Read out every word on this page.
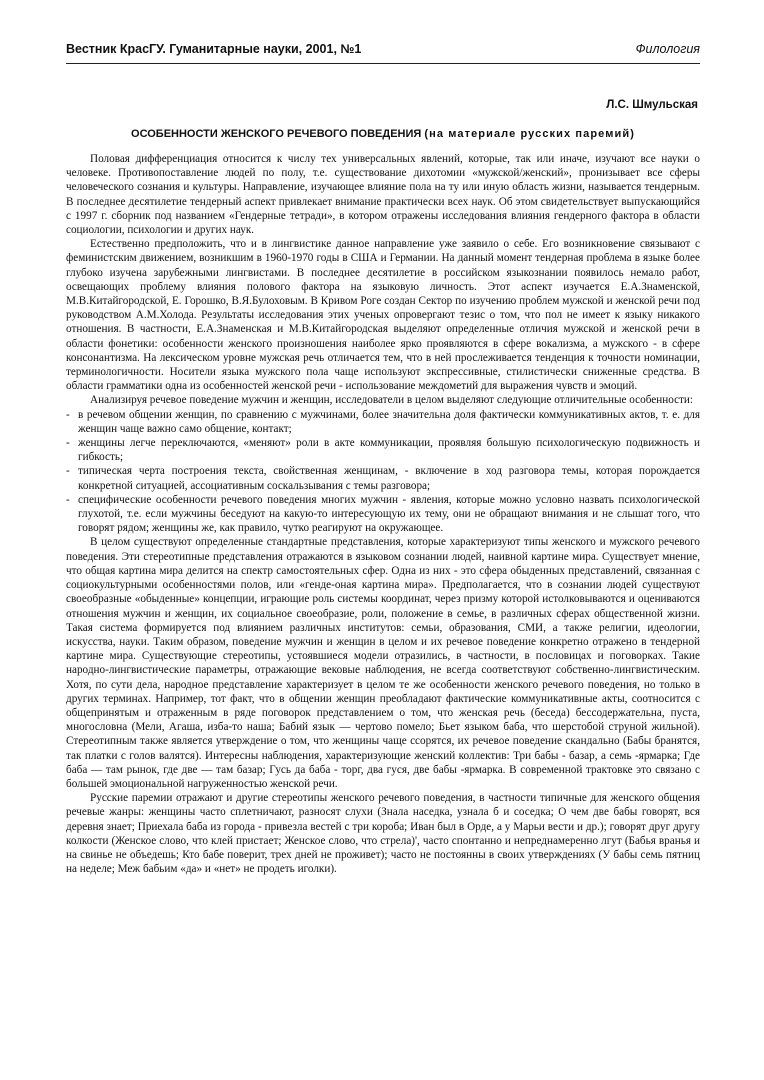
Вестник КрасГУ. Гуманитарные науки, 2001, №1	Филология
Л.С. Шмульская
ОСОБЕННОСТИ ЖЕНСКОГО РЕЧЕВОГО ПОВЕДЕНИЯ (на материале русских паремий)

Половая дифференциация относится к числу тех универсальных явлений, которые, так или иначе, изучают все науки о человеке. Противопоставление людей по полу, т.е. существование дихотомии «мужской/женский», пронизывает все сферы человеческого сознания и культуры. Направление, изучающее влияние пола на ту или иную область жизни, называется тендерным. В последнее десятилетие тендерный аспект привлекает внимание практически всех наук. Об этом свидетельствует выпускающийся с 1997 г. сборник под названием «Гендерные тетради», в котором отражены исследования влияния гендерного фактора в области социологии, психологии и других наук.

Естественно предположить, что и в лингвистике данное направление уже заявило о себе. Его возникновение связывают с феминистским движением, возникшим в 1960-1970 годы в США и Германии. На данный момент тендерная проблема в языке более глубоко изучена зарубежными лингвистами. В последнее десятилетие в российском языкознании появилось немало работ, освещающих проблему влияния полового фактора на языковую личность. Этот аспект изучается Е.А.Знаменской, М.В.Китайгородской, Е. Горошко, В.Я.Булоховым. В Кривом Роге создан Сектор по изучению проблем мужской и женской речи под руководством А.М.Холода. Результаты исследования этих ученых опровергают тезис о том, что пол не имеет к языку никакого отношения. В частности, Е.А.Знаменская и М.В.Китайгородская выделяют определенные отличия мужской и женской речи в области фонетики: особенности женского произношения наиболее ярко проявляются в сфере вокализма, а мужского - в сфере консонантизма. На лексическом уровне мужская речь отличается тем, что в ней прослеживается тенденция к точности номинации, терминологичности. Носители языка мужского пола чаще используют экспрессивные, стилистически сниженные средства. В области грамматики одна из особенностей женской речи - использование междометий для выражения чувств и эмоций.

Анализируя речевое поведение мужчин и женщин, исследователи в целом выделяют следующие отличительные особенности:

- в речевом общении женщин, по сравнению с мужчинами, более значительна доля фактически коммуникативных актов, т. е. для женщин чаще важно само общение, контакт;

- женщины легче переключаются, «меняют» роли в акте коммуникации, проявляя большую психологическую подвижность и гибкость;

- типическая черта построения текста, свойственная женщинам, - включение в ход разговора темы, которая порождается конкретной ситуацией, ассоциативным соскальзывания с темы разговора;

- специфические особенности речевого поведения многих мужчин - явления, которые можно условно назвать психологической глухотой, т.е. если мужчины беседуют на какую-то интересующую их тему, они не обращают внимания и не слышат того, что говорят рядом; женщины же, как правило, чутко реагируют на окружающее.

В целом существуют определенные стандартные представления, которые характеризуют типы женского и мужского речевого поведения. Эти стереотипные представления отражаются в языковом сознании людей, наивной картине мира. Существует мнение, что общая картина мира делится на спектр самостоятельных сфер. Одна из них - это сфера обыденных представлений, связанная с социокультурными особенностями полов, или «генде-оная картина мира». Предполагается, что в сознании людей существуют своеобразные «обыденные» концепции, играющие роль системы координат, через призму которой истолковываются и оцениваются отношения мужчин и женщин, их социальное своеобразие, роли, положение в семье, в различных сферах общественной жизни. Такая система формируется под влиянием различных институтов: семьи, образования, СМИ, а также религии, идеологии, искусства, науки. Таким образом, поведение мужчин и женщин в целом и их речевое поведение конкретно отражено в тендерной картине мира. Существующие стереотипы, устоявшиеся модели отразились, в частности, в пословицах и поговорках. Такие народно-лингвистические параметры, отражающие вековые наблюдения, не всегда соответствуют собственно-лингвистическим. Хотя, по сути дела, народное представление характеризует в целом те же особенности женского речевого поведения, но только в других терминах. Например, тот факт, что в общении женщин преобладают фактические коммуникативные акты, соотносится с общепринятым и отраженным в ряде поговорок представлением о том, что женская речь (беседа) бессодержательна, пуста, многословна (Мели, Агаша, изба-то наша; Бабий язык — чертово помело; Бьет языком баба, что шерстобой струной жильной). Стереотипным также является утверждение о том, что женщины чаще ссорятся, их речевое поведение скандально (Бабы бранятся, так платки с голов валятся). Интересны наблюдения, характеризующие женский коллектив: Три бабы - базар, а семь -ярмарка; Где баба — там рынок, где две — там базар; Гусь да баба - торг, два гуся, две бабы -ярмарка. В современной трактовке это связано с большей эмоциональной нагруженностью женской речи.

Русские паремии отражают и другие стереотипы женского речевого поведения, в частности типичные для женского общения речевые жанры: женщины часто сплетничают, разносят слухи (Знала наседка, узнала б и соседка; О чем две бабы говорят, вся деревня знает; Приехала баба из города - привезла вестей с три короба; Иван был в Орде, а у Марьи вести и др.); говорят друг другу колкости (Женское слово, что клей пристает; Женское слово, что стрела)', часто спонтанно и непреднамеренно лгут (Бабья вранья и на свинье не объедешь; Кто бабе поверит, трех дней не проживет); часто не постоянны в своих утверждениях (У бабы семь пятниц на неделе; Меж бабьим «да» и «нет» не продеть иголки).
